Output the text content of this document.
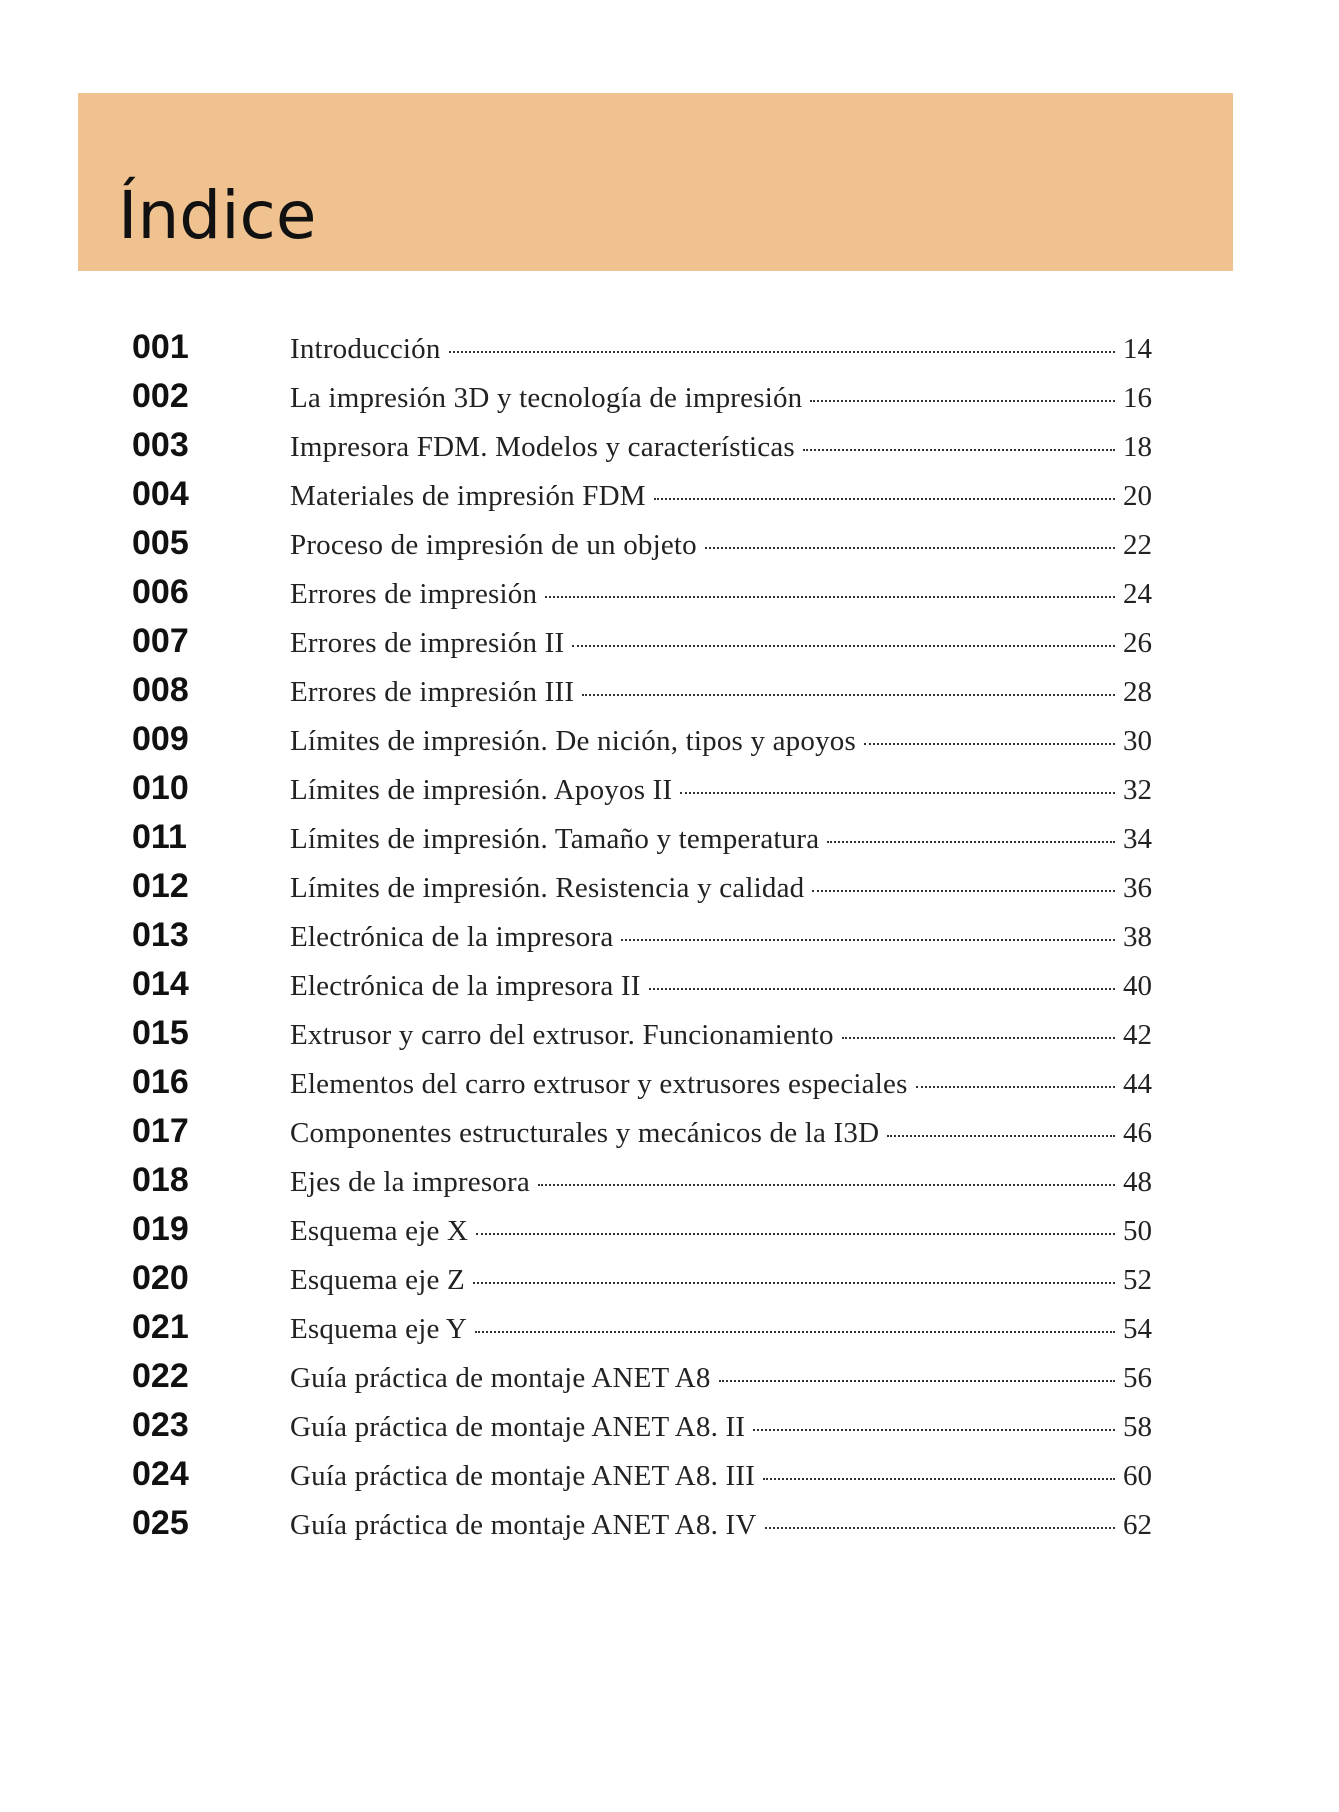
Índice
001	Introducción	14
002	La impresión 3D y tecnología de impresión	16
003	Impresora FDM. Modelos y características	18
004	Materiales de impresión FDM	20
005	Proceso de impresión de un objeto	22
006	Errores de impresión	24
007	Errores de impresión II	26
008	Errores de impresión III	28
009	Límites de impresión. De nición, tipos y apoyos	30
010	Límites de impresión. Apoyos II	32
011	Límites de impresión. Tamaño y temperatura	34
012	Límites de impresión. Resistencia y calidad	36
013	Electrónica de la impresora	38
014	Electrónica de la impresora II	40
015	Extrusor y carro del extrusor. Funcionamiento	42
016	Elementos del carro extrusor y extrusores especiales	44
017	Componentes estructurales y mecánicos de la I3D	46
018	Ejes de la impresora	48
019	Esquema eje X	50
020	Esquema eje Z	52
021	Esquema eje Y	54
022	Guía práctica de montaje ANET A8	56
023	Guía práctica de montaje ANET A8. II	58
024	Guía práctica de montaje ANET A8. III	60
025	Guía práctica de montaje ANET A8. IV	62
